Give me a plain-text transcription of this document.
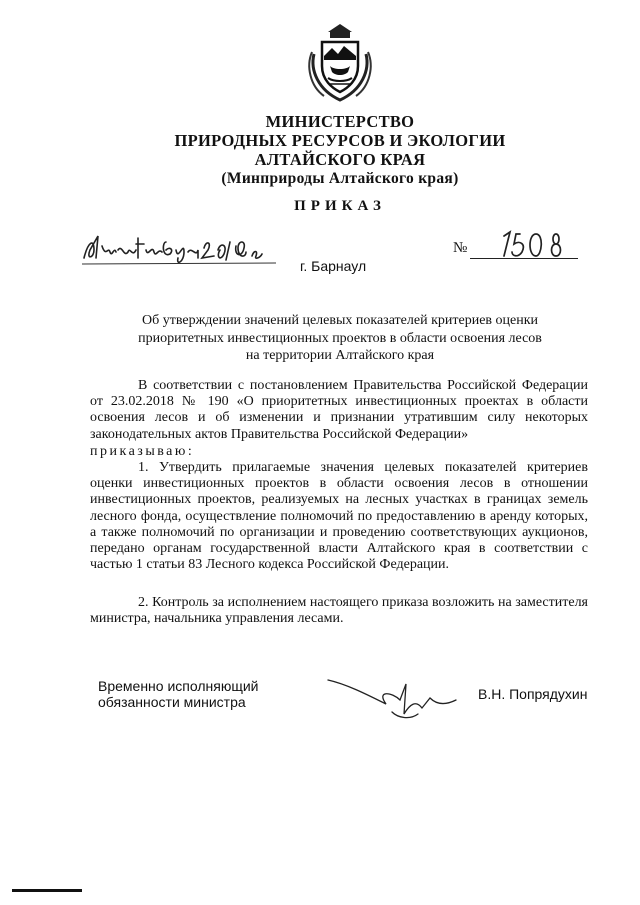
МИНИСТЕРСТВО
ПРИРОДНЫХ РЕСУРСОВ И ЭКОЛОГИИ
АЛТАЙСКОГО КРАЯ
(Минприроды Алтайского края)
ПРИКАЗ
№
г. Барнаул
Об утверждении значений целевых показателей критериев оценки
приоритетных инвестиционных проектов в области освоения лесов
на территории Алтайского края

В соответствии с постановлением Правительства Российской Федерации от 23.02.2018 № 190 «О приоритетных инвестиционных проектах в области освоения лесов и об изменении и признании утратившим силу некоторых законодательных актов Правительства Российской Федерации»

приказываю:

1. Утвердить прилагаемые значения целевых показателей критериев оценки инвестиционных проектов в области освоения лесов в отношении инвестиционных проектов, реализуемых на лесных участках в границах земель лесного фонда, осуществление полномочий по предоставлению в аренду которых, а также полномочий по организации и проведению соответствующих аукционов, передано органам государственной власти Алтайского края в соответствии с частью 1 статьи 83 Лесного кодекса Российской Федерации.

2. Контроль за исполнением настоящего приказа возложить на заместителя министра, начальника управления лесами.

Временно исполняющий
обязанности министра	В.Н. Попрядухин
